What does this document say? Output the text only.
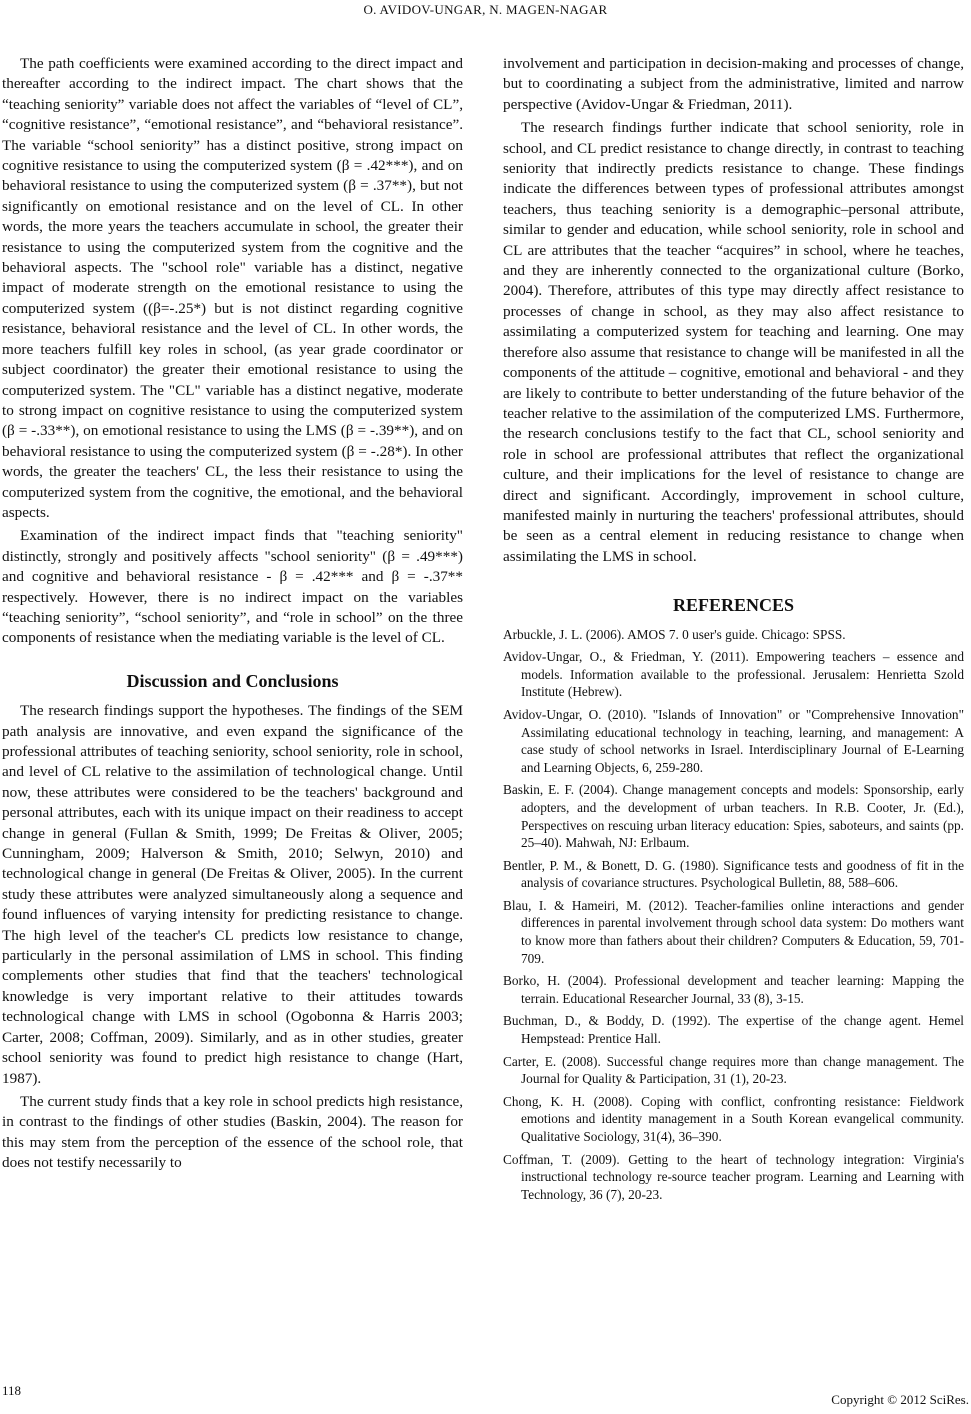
O. AVIDOV-UNGAR, N. MAGEN-NAGAR

The path coefficients were examined according to the direct impact and thereafter according to the indirect impact. The chart shows that the “teaching seniority” variable does not affect the variables of “level of CL”, “cognitive resistance”, “emotional resistance”, and “behavioral resistance”. The variable “school seniority” has a distinct positive, strong impact on cognitive resistance to using the computerized system (β = .42***), and on behavioral resistance to using the computerized system (β = .37**), but not significantly on emotional resistance and on the level of CL. In other words, the more years the teachers accumulate in school, the greater their resistance to using the computerized system from the cognitive and the behavioral aspects. The "school role" variable has a distinct, negative impact of moderate strength on the emotional resistance to using the computerized system ((β=-.25*) but is not distinct regarding cognitive resistance, behavioral resistance and the level of CL. In other words, the more teachers fulfill key roles in school, (as year grade coordinator or subject coordinator) the greater their emotional resistance to using the computerized system. The "CL" variable has a distinct negative, moderate to strong impact on cognitive resistance to using the computerized system (β = -.33**), on emotional resistance to using the LMS (β = -.39**), and on behavioral resistance to using the computerized system (β = -.28*). In other words, the greater the teachers' CL, the less their resistance to using the computerized system from the cognitive, the emotional, and the behavioral aspects.

Examination of the indirect impact finds that "teaching seniority" distinctly, strongly and positively affects "school seniority" (β = .49***) and cognitive and behavioral resistance - β = .42*** and β = -.37** respectively. However, there is no indirect impact on the variables “teaching seniority”, “school seniority”, and “role in school” on the three components of resistance when the mediating variable is the level of CL.

Discussion and Conclusions

The research findings support the hypotheses. The findings of the SEM path analysis are innovative, and even expand the significance of the professional attributes of teaching seniority, school seniority, role in school, and level of CL relative to the assimilation of technological change. Until now, these attributes were considered to be the teachers' background and personal attributes, each with its unique impact on their readiness to accept change in general (Fullan & Smith, 1999; De Freitas & Oliver, 2005; Cunningham, 2009; Halverson & Smith, 2010; Selwyn, 2010) and technological change in general (De Freitas & Oliver, 2005). In the current study these attributes were analyzed simultaneously along a sequence and found influences of varying intensity for predicting resistance to change. The high level of the teacher's CL predicts low resistance to change, particularly in the personal assimilation of LMS in school. This finding complements other studies that find that the teachers' technological knowledge is very important relative to their attitudes towards technological change with LMS in school (Ogobonna & Harris 2003; Carter, 2008; Coffman, 2009). Similarly, and as in other studies, greater school seniority was found to predict high resistance to change (Hart, 1987).

The current study finds that a key role in school predicts high resistance, in contrast to the findings of other studies (Baskin, 2004). The reason for this may stem from the perception of the essence of the school role, that does not testify necessarily to

involvement and participation in decision-making and processes of change, but to coordinating a subject from the administrative, limited and narrow perspective (Avidov-Ungar & Friedman, 2011).

The research findings further indicate that school seniority, role in school, and CL predict resistance to change directly, in contrast to teaching seniority that indirectly predicts resistance to change. These findings indicate the differences between types of professional attributes amongst teachers, thus teaching seniority is a demographic–personal attribute, similar to gender and education, while school seniority, role in school and CL are attributes that the teacher “acquires” in school, where he teaches, and they are inherently connected to the organizational culture (Borko, 2004). Therefore, attributes of this type may directly affect resistance to processes of change in school, as they may also affect resistance to assimilating a computerized system for teaching and learning. One may therefore also assume that resistance to change will be manifested in all the components of the attitude – cognitive, emotional and behavioral - and they are likely to contribute to better understanding of the future behavior of the teacher relative to the assimilation of the computerized LMS. Furthermore, the research conclusions testify to the fact that CL, school seniority and role in school are professional attributes that reflect the organizational culture, and their implications for the level of resistance to change are direct and significant. Accordingly, improvement in school culture, manifested mainly in nurturing the teachers' professional attributes, should be seen as a central element in reducing resistance to change when assimilating the LMS in school.

REFERENCES

Arbuckle, J. L. (2006). AMOS 7. 0 user's guide. Chicago: SPSS.

Avidov-Ungar, O., & Friedman, Y. (2011). Empowering teachers – essence and models. Information available to the professional. Jerusalem: Henrietta Szold Institute (Hebrew).

Avidov-Ungar, O. (2010). "Islands of Innovation" or "Comprehensive Innovation" Assimilating educational technology in teaching, learning, and management: A case study of school networks in Israel. Interdisciplinary Journal of E-Learning and Learning Objects, 6, 259-280.

Baskin, E. F. (2004). Change management concepts and models: Sponsorship, early adopters, and the development of urban teachers. In R.B. Cooter, Jr. (Ed.), Perspectives on rescuing urban literacy education: Spies, saboteurs, and saints (pp. 25–40). Mahwah, NJ: Erlbaum.

Bentler, P. M., & Bonett, D. G. (1980). Significance tests and goodness of fit in the analysis of covariance structures. Psychological Bulletin, 88, 588–606.

Blau, I. & Hameiri, M. (2012). Teacher-families online interactions and gender differences in parental involvement through school data system: Do mothers want to know more than fathers about their children? Computers & Education, 59, 701-709.

Borko, H. (2004). Professional development and teacher learning: Mapping the terrain. Educational Researcher Journal, 33 (8), 3-15.

Buchman, D., & Boddy, D. (1992). The expertise of the change agent. Hemel Hempstead: Prentice Hall.

Carter, E. (2008). Successful change requires more than change management. The Journal for Quality & Participation, 31 (1), 20-23.

Chong, K. H. (2008). Coping with conflict, confronting resistance: Fieldwork emotions and identity management in a South Korean evangelical community. Qualitative Sociology, 31(4), 36–390.

Coffman, T. (2009). Getting to the heart of technology integration: Virginia's instructional technology re-source teacher program. Learning and Learning with Technology, 36 (7), 20-23.

118
Copyright © 2012 SciRes.
